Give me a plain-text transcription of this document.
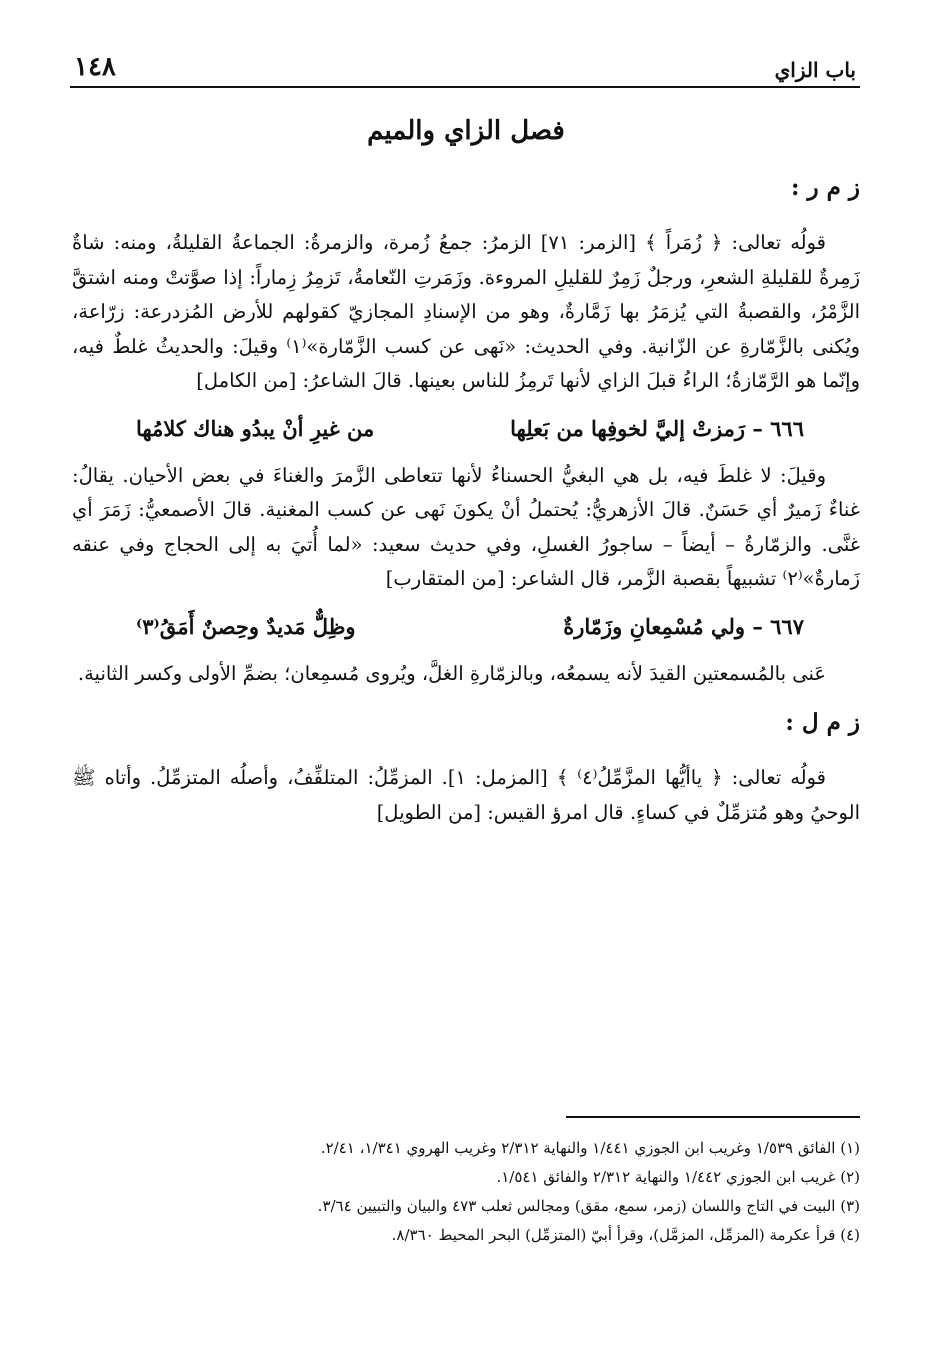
باب الزاي
١٤٨
فصل الزاي والميم
ز م ر :

قولُه تعالى: ﴿ زُمَراً ﴾ [الزمر: ٧١] الزمرُ: جمعُ زُمرة، والزمرةُ: الجماعةُ القليلةُ، ومنه: شاةٌ زَمِرةٌ للقليلةِ الشعرِ، ورجلٌ زَمِرٌ للقليلِ المروءة. وزَمَرتِ النّعامةُ، تَزمِرُ زِماراً: إذا صوَّتتْ ومنه اشتقَّ الزَّمْرُ، والقصبةُ التي يُزمَرُ بها زَمَّارةٌ، وهو من الإسنادِ المجازيّ كقولهم للأرض المُزدرعة: زرّاعة، ويُكنى بالزَّمّارةِ عن الزّانية. وفي الحديث: «نَهى عن كسب الزَّمّارة»⁽١⁾ وقيلَ: والحديثُ غلطٌ فيه، وإنّما هو الرَّمّازةُ؛ الراءُ قبلَ الزاي لأنها تَرمِزُ للناس بعينها. قالَ الشاعرُ: [من الكامل]

٦٦٦ – رَمزتْ إليَّ لخوفِها من بَعلِها
من غيرِ أنْ يبدُو هناك كلامُها

وقيلَ: لا غلطَ فيه، بل هي البغيُّ الحسناءُ لأنها تتعاطى الزَّمرَ والغناءَ في بعض الأحيان. يقالُ: غناءٌ زَميرٌ أي حَسَنٌ. قالَ الأزهريُّ: يُحتملُ أنْ يكونَ نَهى عن كسب المغنية. قالَ الأصمعيُّ: زَمَرَ أي غنَّى. والزمّارةُ – أيضاً – ساجورُ الغسلِ، وفي حديث سعيد: «لما أُتيَ به إلى الحجاج وفي عنقه زَمارةٌ»⁽٢⁾ تشبيهاً بقصبة الزَّمر، قال الشاعر: [من المتقارب]

٦٦٧ – ولي مُسْمِعانِ وزَمّارةٌ
وظِلٌّ مَديدٌ وحِصنٌ أَمَقُ⁽٣⁾

عَنى بالمُسمعتين القيدَ لأنه يسمعُه، وبالزمّارةِ الغلَّ، ويُروى مُسمِعان؛ بضمِّ الأولى وكسر الثانية.

ز م ل :

قولُه تعالى: ﴿ ياأيُّها المزَّمِّلُ⁽٤⁾ ﴾ [المزمل: ١]. المزمِّلُ: المتلفِّفُ، وأصلُه المتزمِّلُ. وأتاه ﷺ الوحيُ وهو مُتزمِّلٌ في كساءٍ. قال امرؤ القيس: [من الطويل]

(١) الفائق ١/٥٣٩ وغريب ابن الجوزي ١/٤٤١ والنهاية ٢/٣١٢ وغريب الهروي ١/٣٤١، ٢/٤١.
(٢) غريب ابن الجوزي ١/٤٤٢ والنهاية ٢/٣١٢ والفائق ١/٥٤١.
(٣) البيت في التاج واللسان (زمر، سمع، مقق) ومجالس ثعلب ٤٧٣ والبيان والتبيين ٣/٦٤.
(٤) قرأ عكرمة (المزمِّل، المزمَّل)، وقرأ أبيّ (المتزمِّل) البحر المحيط ٨/٣٦٠.
